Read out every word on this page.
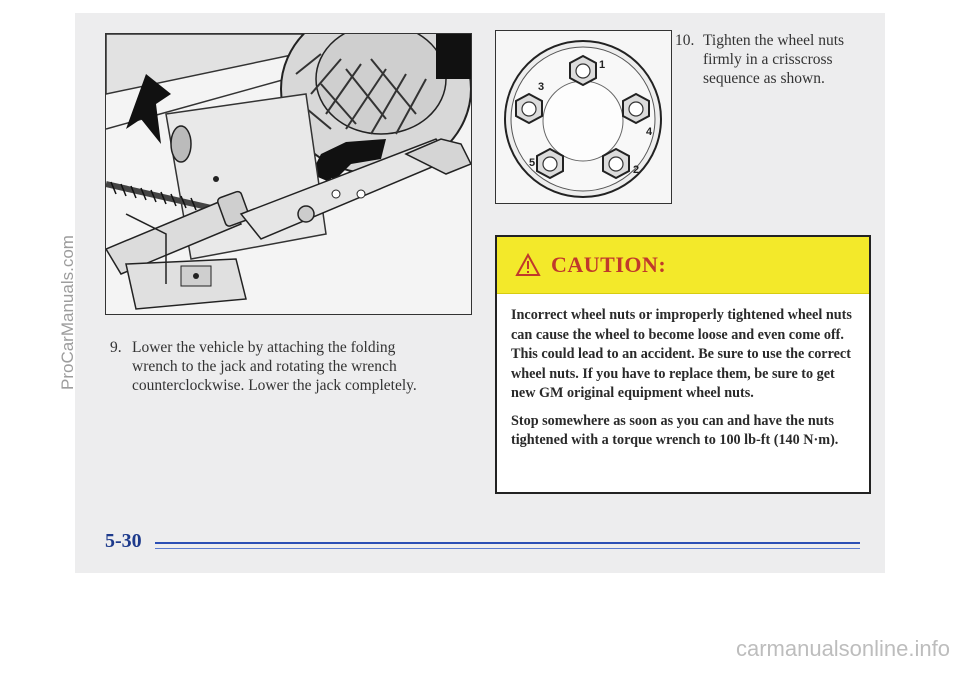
9. Lower the vehicle by attaching the folding wrench to the jack and rotating the wrench counterclockwise. Lower the jack completely.
1
2
3
4
5
10. Tighten the wheel nuts firmly in a crisscross sequence as shown.
CAUTION:

Incorrect wheel nuts or improperly tightened wheel nuts can cause the wheel to become loose and even come off. This could lead to an accident. Be sure to use the correct wheel nuts. If you have to replace them, be sure to get new GM original equipment wheel nuts.

Stop somewhere as soon as you can and have the nuts tightened with a torque wrench to 100 lb-ft (140 N·m).

5-30
ProCarManuals.com
carmanualsonline.info
